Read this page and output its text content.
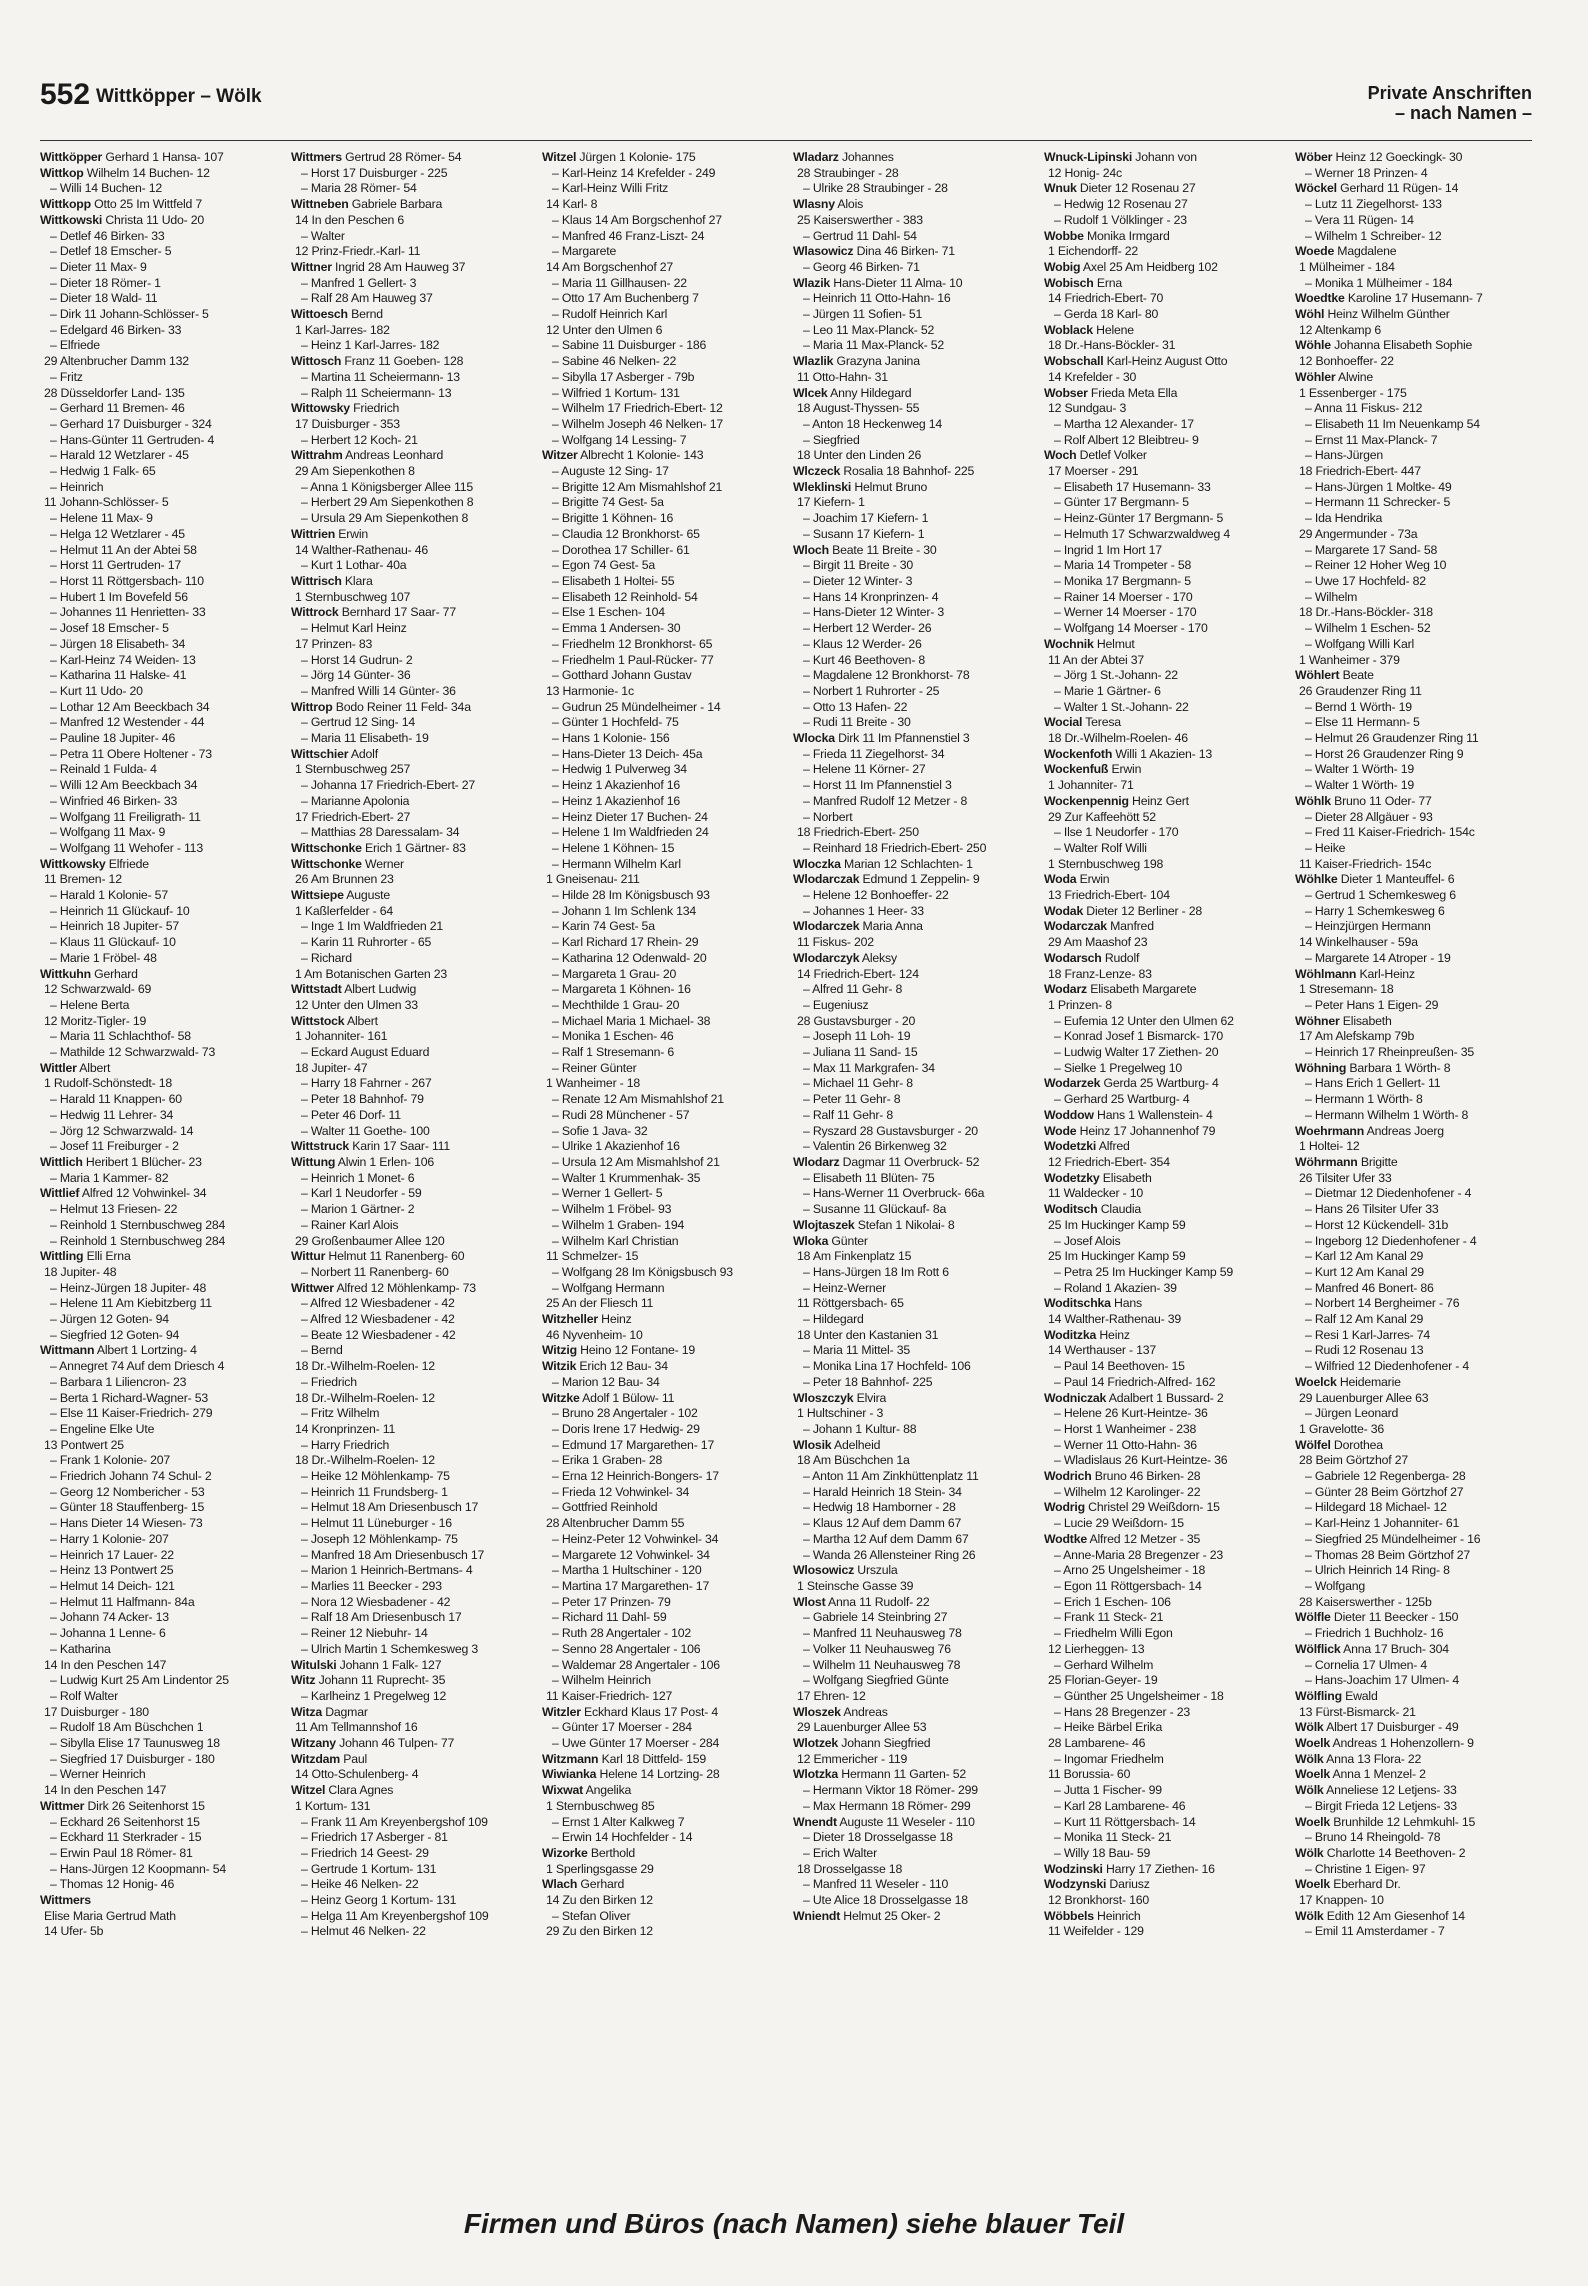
552 Wittköpper – Wölk	Private Anschriften
– nach Namen –
Wittköpper Gerhard 1 Hansa- 107
Wittkop Wilhelm 14 Buchen- 12
– Willi 14 Buchen- 12
Wittkopp Otto 25 Im Wittfeld 7
Wittkowski Christa 11 Udo- 20
– Detlef 46 Birken- 33
– Detlef 18 Emscher- 5
– Dieter 11 Max- 9
– Dieter 18 Römer- 1
– Dieter 18 Wald- 11
– Dirk 11 Johann-Schlösser- 5
– Edelgard 46 Birken- 33
– Elfriede
29 Altenbrucher Damm 132
– Fritz
28 Düsseldorfer Land- 135
– Gerhard 11 Bremen- 46
– Gerhard 17 Duisburger - 324
– Hans-Günter 11 Gertruden- 4
– Harald 12 Wetzlarer - 45
– Hedwig 1 Falk- 65
– Heinrich
11 Johann-Schlösser- 5
– Helene 11 Max- 9
– Helga 12 Wetzlarer - 45
– Helmut 11 An der Abtei 58
– Horst 11 Gertruden- 17
– Horst 11 Röttgersbach- 110
– Hubert 1 Im Bovefeld 56
– Johannes 11 Henrietten- 33
– Josef 18 Emscher- 5
– Jürgen 18 Elisabeth- 34
– Karl-Heinz 74 Weiden- 13
– Katharina 11 Halske- 41
– Kurt 11 Udo- 20
– Lothar 12 Am Beeckbach 34
– Manfred 12 Westender - 44
– Pauline 18 Jupiter- 46
– Petra 11 Obere Holtener - 73
– Reinald 1 Fulda- 4
– Willi 12 Am Beeckbach 34
– Winfried 46 Birken- 33
– Wolfgang 11 Freiligrath- 11
– Wolfgang 11 Max- 9
– Wolfgang 11 Wehofer - 113
Wittkowsky Elfriede
11 Bremen- 12
– Harald 1 Kolonie- 57
– Heinrich 11 Glückauf- 10
– Heinrich 18 Jupiter- 57
– Klaus 11 Glückauf- 10
– Marie 1 Fröbel- 48
Wittkuhn Gerhard
12 Schwarzwald- 69
– Helene Berta
12 Moritz-Tigler- 19
– Maria 11 Schlachthof- 58
– Mathilde 12 Schwarzwald- 73
Wittler Albert
1 Rudolf-Schönstedt- 18
– Harald 11 Knappen- 60
– Hedwig 11 Lehrer- 34
– Jörg 12 Schwarzwald- 14
– Josef 11 Freiburger - 2
Wittlich Heribert 1 Blücher- 23
– Maria 1 Kammer- 82
Wittlief Alfred 12 Vohwinkel- 34
– Helmut 13 Friesen- 22
– Reinhold 1 Sternbuschweg 284
– Reinhold 1 Sternbuschweg 284
Wittling Elli Erna
18 Jupiter- 48
– Heinz-Jürgen 18 Jupiter- 48
– Helene 11 Am Kiebitzberg 11
– Jürgen 12 Goten- 94
– Siegfried 12 Goten- 94
Wittmann Albert 1 Lortzing- 4
– Annegret 74 Auf dem Driesch 4
– Barbara 1 Liliencron- 23
– Berta 1 Richard-Wagner- 53
– Else 11 Kaiser-Friedrich- 279
– Engeline Elke Ute
13 Pontwert 25
– Frank 1 Kolonie- 207
– Friedrich Johann 74 Schul- 2
– Georg 12 Nombericher - 53
– Günter 18 Stauffenberg- 15
– Hans Dieter 14 Wiesen- 73
– Harry 1 Kolonie- 207
– Heinrich 17 Lauer- 22
– Heinz 13 Pontwert 25
– Helmut 14 Deich- 121
– Helmut 11 Halfmann- 84a
– Johann 74 Acker- 13
– Johanna 1 Lenne- 6
– Katharina
14 In den Peschen 147
– Ludwig Kurt 25 Am Lindentor 25
– Rolf Walter
17 Duisburger - 180
– Rudolf 18 Am Büschchen 1
– Sibylla Elise 17 Taunusweg 18
– Siegfried 17 Duisburger - 180
– Werner Heinrich
14 In den Peschen 147
Wittmer Dirk 26 Seitenhorst 15
– Eckhard 26 Seitenhorst 15
– Eckhard 11 Sterkrader - 15
– Erwin Paul 18 Römer- 81
– Hans-Jürgen 12 Koopmann- 54
– Thomas 12 Honig- 46
Wittmers
Elise Maria Gertrud Math
14 Ufer- 5b
Wittmers Gertrud 28 Römer- 54
– Horst 17 Duisburger - 225
– Maria 28 Römer- 54
Wittneben Gabriele Barbara
14 In den Peschen 6
– Walter
12 Prinz-Friedr.-Karl- 11
Wittner Ingrid 28 Am Hauweg 37
– Manfred 1 Gellert- 3
– Ralf 28 Am Hauweg 37
Wittoesch Bernd
1 Karl-Jarres- 182
– Heinz 1 Karl-Jarres- 182
Wittosch Franz 11 Goeben- 128
– Martina 11 Scheiermann- 13
– Ralph 11 Scheiermann- 13
Wittowsky Friedrich
17 Duisburger - 353
– Herbert 12 Koch- 21
Wittrahm Andreas Leonhard
29 Am Siepenkothen 8
– Anna 1 Königsberger Allee 115
– Herbert 29 Am Siepenkothen 8
– Ursula 29 Am Siepenkothen 8
Wittrien Erwin
14 Walther-Rathenau- 46
– Kurt 1 Lothar- 40a
Wittrisch Klara
1 Sternbuschweg 107
Wittrock Bernhard 17 Saar- 77
– Helmut Karl Heinz
17 Prinzen- 83
– Horst 14 Gudrun- 2
– Jörg 14 Günter- 36
– Manfred Willi 14 Günter- 36
Wittrop Bodo Reiner 11 Feld- 34a
– Gertrud 12 Sing- 14
– Maria 11 Elisabeth- 19
Wittschier Adolf
1 Sternbuschweg 257
– Johanna 17 Friedrich-Ebert- 27
– Marianne Apolonia
17 Friedrich-Ebert- 27
– Matthias 28 Daressalam- 34
Wittschonke Erich 1 Gärtner- 83
Wittschonke Werner
26 Am Brunnen 23
Wittsiepe Auguste
1 Kaßlerfelder - 64
– Inge 1 Im Waldfrieden 21
– Karin 11 Ruhrorter - 65
– Richard
1 Am Botanischen Garten 23
Wittstadt Albert Ludwig
12 Unter den Ulmen 33
Wittstock Albert
1 Johanniter- 161
– Eckard August Eduard
18 Jupiter- 47
– Harry 18 Fahrner - 267
– Peter 18 Bahnhof- 79
– Peter 46 Dorf- 11
– Walter 11 Goethe- 100
Wittstruck Karin 17 Saar- 111
Wittung Alwin 1 Erlen- 106
– Heinrich 1 Monet- 6
– Karl 1 Neudorfer - 59
– Marion 1 Gärtner- 2
– Rainer Karl Alois
29 Großenbaumer Allee 120
Wittur Helmut 11 Ranenberg- 60
– Norbert 11 Ranenberg- 60
Wittwer Alfred 12 Möhlenkamp- 73
– Alfred 12 Wiesbadener - 42
– Alfred 12 Wiesbadener - 42
– Beate 12 Wiesbadener - 42
– Bernd
18 Dr.-Wilhelm-Roelen- 12
– Friedrich
18 Dr.-Wilhelm-Roelen- 12
– Fritz Wilhelm
14 Kronprinzen- 11
– Harry Friedrich
18 Dr.-Wilhelm-Roelen- 12
– Heike 12 Möhlenkamp- 75
– Heinrich 11 Frundsberg- 1
– Helmut 18 Am Driesenbusch 17
– Helmut 11 Lüneburger - 16
– Joseph 12 Möhlenkamp- 75
– Manfred 18 Am Driesenbusch 17
– Marion 1 Heinrich-Bertmans- 4
– Marlies 11 Beecker - 293
– Nora 12 Wiesbadener - 42
– Ralf 18 Am Driesenbusch 17
– Reiner 12 Niebuhr- 14
– Ulrich Martin 1 Schemkesweg 3
Witulski Johann 1 Falk- 127
Witz Johann 11 Ruprecht- 35
– Karlheinz 1 Pregelweg 12
Witza Dagmar
11 Am Tellmannshof 16
Witzany Johann 46 Tulpen- 77
Witzdam Paul
14 Otto-Schulenberg- 4
Witzel Clara Agnes
1 Kortum- 131
– Frank 11 Am Kreyenbergshof 109
– Friedrich 17 Asberger - 81
– Friedrich 14 Geest- 29
– Gertrude 1 Kortum- 131
– Heike 46 Nelken- 22
– Heinz Georg 1 Kortum- 131
– Helga 11 Am Kreyenbergshof 109
– Helmut 46 Nelken- 22
Witzel Jürgen 1 Kolonie- 175
– Karl-Heinz 14 Krefelder - 249
– Karl-Heinz Willi Fritz
14 Karl- 8
– Klaus 14 Am Borgschenhof 27
– Manfred 46 Franz-Liszt- 24
– Margarete
14 Am Borgschenhof 27
– Maria 11 Gillhausen- 22
– Otto 17 Am Buchenberg 7
– Rudolf Heinrich Karl
12 Unter den Ulmen 6
– Sabine 11 Duisburger - 186
– Sabine 46 Nelken- 22
– Sibylla 17 Asberger - 79b
– Wilfried 1 Kortum- 131
– Wilhelm 17 Friedrich-Ebert- 12
– Wilhelm Joseph 46 Nelken- 17
– Wolfgang 14 Lessing- 7
Witzer Albrecht 1 Kolonie- 143
– Auguste 12 Sing- 17
– Brigitte 12 Am Mismahlshof 21
– Brigitte 74 Gest- 5a
– Brigitte 1 Köhnen- 16
– Claudia 12 Bronkhorst- 65
– Dorothea 17 Schiller- 61
– Egon 74 Gest- 5a
– Elisabeth 1 Holtei- 55
– Elisabeth 12 Reinhold- 54
– Else 1 Eschen- 104
– Emma 1 Andersen- 30
– Friedhelm 12 Bronkhorst- 65
– Friedhelm 1 Paul-Rücker- 77
– Gotthard Johann Gustav
13 Harmonie- 1c
– Gudrun 25 Mündelheimer - 14
– Günter 1 Hochfeld- 75
– Hans 1 Kolonie- 156
– Hans-Dieter 13 Deich- 45a
– Hedwig 1 Pulverweg 34
– Heinz 1 Akazienhof 16
– Heinz 1 Akazienhof 16
– Heinz Dieter 17 Buchen- 24
– Helene 1 Im Waldfrieden 24
– Helene 1 Köhnen- 15
– Hermann Wilhelm Karl
1 Gneisenau- 211
– Hilde 28 Im Königsbusch 93
– Johann 1 Im Schlenk 134
– Karin 74 Gest- 5a
– Karl Richard 17 Rhein- 29
– Katharina 12 Odenwald- 20
– Margareta 1 Grau- 20
– Margareta 1 Köhnen- 16
– Mechthilde 1 Grau- 20
– Michael Maria 1 Michael- 38
– Monika 1 Eschen- 46
– Ralf 1 Stresemann- 6
– Reiner Günter
1 Wanheimer - 18
– Renate 12 Am Mismahlshof 21
– Rudi 28 Münchener - 57
– Sofie 1 Java- 32
– Ulrike 1 Akazienhof 16
– Ursula 12 Am Mismahlshof 21
– Walter 1 Krummenhak- 35
– Werner 1 Gellert- 5
– Wilhelm 1 Fröbel- 93
– Wilhelm 1 Graben- 194
– Wilhelm Karl Christian
11 Schmelzer- 15
– Wolfgang 28 Im Königsbusch 93
– Wolfgang Hermann
25 An der Fliesch 11
Witzheller Heinz
46 Nyvenheim- 10
Witzig Heino 12 Fontane- 19
Witzik Erich 12 Bau- 34
– Marion 12 Bau- 34
Witzke Adolf 1 Bülow- 11
– Bruno 28 Angertaler - 102
– Doris Irene 17 Hedwig- 29
– Edmund 17 Margarethen- 17
– Erika 1 Graben- 28
– Erna 12 Heinrich-Bongers- 17
– Frieda 12 Vohwinkel- 34
– Gottfried Reinhold
28 Altenbrucher Damm 55
– Heinz-Peter 12 Vohwinkel- 34
– Margarete 12 Vohwinkel- 34
– Martha 1 Hultschiner - 120
– Martina 17 Margarethen- 17
– Peter 17 Prinzen- 79
– Richard 11 Dahl- 59
– Ruth 28 Angertaler - 102
– Senno 28 Angertaler - 106
– Waldemar 28 Angertaler - 106
– Wilhelm Heinrich
11 Kaiser-Friedrich- 127
Witzler Eckhard Klaus 17 Post- 4
– Günter 17 Moerser - 284
– Uwe Günter 17 Moerser - 284
Witzmann Karl 18 Dittfeld- 159
Wiwianka Helene 14 Lortzing- 28
Wixwat Angelika
1 Sternbuschweg 85
– Ernst 1 Alter Kalkweg 7
– Erwin 14 Hochfelder - 14
Wizorke Berthold
1 Sperlingsgasse 29
Wlach Gerhard
14 Zu den Birken 12
– Stefan Oliver
29 Zu den Birken 12
Wladarz Johannes
28 Straubinger - 28
– Ulrike 28 Straubinger - 28
Wlasny Alois
25 Kaiserswerther - 383
– Gertrud 11 Dahl- 54
Wlasowicz Dina 46 Birken- 71
– Georg 46 Birken- 71
Wlazik Hans-Dieter 11 Alma- 10
– Heinrich 11 Otto-Hahn- 16
– Jürgen 11 Sofien- 51
– Leo 11 Max-Planck- 52
– Maria 11 Max-Planck- 52
Wlazlik Grazyna Janina
11 Otto-Hahn- 31
Wlcek Anny Hildegard
18 August-Thyssen- 55
– Anton 18 Heckenweg 14
– Siegfried
18 Unter den Linden 26
Wlczeck Rosalia 18 Bahnhof- 225
Wleklinski Helmut Bruno
17 Kiefern- 1
– Joachim 17 Kiefern- 1
– Susann 17 Kiefern- 1
Wloch Beate 11 Breite - 30
– Birgit 11 Breite - 30
– Dieter 12 Winter- 3
– Hans 14 Kronprinzen- 4
– Hans-Dieter 12 Winter- 3
– Herbert 12 Werder- 26
– Klaus 12 Werder- 26
– Kurt 46 Beethoven- 8
– Magdalene 12 Bronkhorst- 78
– Norbert 1 Ruhrorter - 25
– Otto 13 Hafen- 22
– Rudi 11 Breite - 30
Wlocka Dirk 11 Im Pfannenstiel 3
– Frieda 11 Ziegelhorst- 34
– Helene 11 Körner- 27
– Horst 11 Im Pfannenstiel 3
– Manfred Rudolf 12 Metzer - 8
– Norbert
18 Friedrich-Ebert- 250
– Reinhard 18 Friedrich-Ebert- 250
Wloczka Marian 12 Schlachten- 1
Wlodarczak Edmund 1 Zeppelin- 9
– Helene 12 Bonhoeffer- 22
– Johannes 1 Heer- 33
Wlodarczek Maria Anna
11 Fiskus- 202
Wlodarczyk Aleksy
14 Friedrich-Ebert- 124
– Alfred 11 Gehr- 8
– Eugeniusz
28 Gustavsburger - 20
– Joseph 11 Loh- 19
– Juliana 11 Sand- 15
– Max 11 Markgrafen- 34
– Michael 11 Gehr- 8
– Peter 11 Gehr- 8
– Ralf 11 Gehr- 8
– Ryszard 28 Gustavsburger - 20
– Valentin 26 Birkenweg 32
Wlodarz Dagmar 11 Overbruck- 52
– Elisabeth 11 Blüten- 75
– Hans-Werner 11 Overbruck- 66a
– Susanne 11 Glückauf- 8a
Wlojtaszek Stefan 1 Nikolai- 8
Wloka Günter
18 Am Finkenplatz 15
– Hans-Jürgen 18 Im Rott 6
– Heinz-Werner
11 Röttgersbach- 65
– Hildegard
18 Unter den Kastanien 31
– Maria 11 Mittel- 35
– Monika Lina 17 Hochfeld- 106
– Peter 18 Bahnhof- 225
Wloszczyk Elvira
1 Hultschiner - 3
– Johann 1 Kultur- 88
Wlosik Adelheid
18 Am Büschchen 1a
– Anton 11 Am Zinkhüttenplatz 11
– Harald Heinrich 18 Stein- 34
– Hedwig 18 Hamborner - 28
– Klaus 12 Auf dem Damm 67
– Martha 12 Auf dem Damm 67
– Wanda 26 Allensteiner Ring 26
Wlosowicz Urszula
1 Steinsche Gasse 39
Wlost Anna 11 Rudolf- 22
– Gabriele 14 Steinbring 27
– Manfred 11 Neuhausweg 78
– Volker 11 Neuhausweg 76
– Wilhelm 11 Neuhausweg 78
– Wolfgang Siegfried Günte
17 Ehren- 12
Wloszek Andreas
29 Lauenburger Allee 53
Wlotzek Johann Siegfried
12 Emmericher - 119
Wlotzka Hermann 11 Garten- 52
– Hermann Viktor 18 Römer- 299
– Max Hermann 18 Römer- 299
Wnendt Auguste 11 Weseler - 110
– Dieter 18 Drosselgasse 18
– Erich Walter
18 Drosselgasse 18
– Manfred 11 Weseler - 110
– Ute Alice 18 Drosselgasse 18
Wniendt Helmut 25 Oker- 2
Wnuck-Lipinski Johann von
12 Honig- 24c
Wnuk Dieter 12 Rosenau 27
– Hedwig 12 Rosenau 27
– Rudolf 1 Völklinger - 23
Wobbe Monika Irmgard
1 Eichendorff- 22
Wobig Axel 25 Am Heidberg 102
Wobisch Erna
14 Friedrich-Ebert- 70
– Gerda 18 Karl- 80
Woblack Helene
18 Dr.-Hans-Böckler- 31
Wobschall Karl-Heinz August Otto
14 Krefelder - 30
Wobser Frieda Meta Ella
12 Sundgau- 3
– Martha 12 Alexander- 17
– Rolf Albert 12 Bleibtreu- 9
Woch Detlef Volker
17 Moerser - 291
– Elisabeth 17 Husemann- 33
– Günter 17 Bergmann- 5
– Heinz-Günter 17 Bergmann- 5
– Helmuth 17 Schwarzwaldweg 4
– Ingrid 1 Im Hort 17
– Maria 14 Trompeter - 58
– Monika 17 Bergmann- 5
– Rainer 14 Moerser - 170
– Werner 14 Moerser - 170
– Wolfgang 14 Moerser - 170
Wochnik Helmut
11 An der Abtei 37
– Jörg 1 St.-Johann- 22
– Marie 1 Gärtner- 6
– Walter 1 St.-Johann- 22
Wocial Teresa
18 Dr.-Wilhelm-Roelen- 46
Wockenfoth Willi 1 Akazien- 13
Wockenfuß Erwin
1 Johanniter- 71
Wockenpennig Heinz Gert
29 Zur Kaffeehött 52
– Ilse 1 Neudorfer - 170
– Walter Rolf Willi
1 Sternbuschweg 198
Woda Erwin
13 Friedrich-Ebert- 104
Wodak Dieter 12 Berliner - 28
Wodarczak Manfred
29 Am Maashof 23
Wodarsch Rudolf
18 Franz-Lenze- 83
Wodarz Elisabeth Margarete
1 Prinzen- 8
– Eufemia 12 Unter den Ulmen 62
– Konrad Josef 1 Bismarck- 170
– Ludwig Walter 17 Ziethen- 20
– Sielke 1 Pregelweg 10
Wodarzek Gerda 25 Wartburg- 4
– Gerhard 25 Wartburg- 4
Woddow Hans 1 Wallenstein- 4
Wode Heinz 17 Johannenhof 79
Wodetzki Alfred
12 Friedrich-Ebert- 354
Wodetzky Elisabeth
11 Waldecker - 10
Woditsch Claudia
25 Im Huckinger Kamp 59
– Josef Alois
25 Im Huckinger Kamp 59
– Petra 25 Im Huckinger Kamp 59
– Roland 1 Akazien- 39
Woditschka Hans
14 Walther-Rathenau- 39
Woditzka Heinz
14 Werthauser - 137
– Paul 14 Beethoven- 15
– Paul 14 Friedrich-Alfred- 162
Wodniczak Adalbert 1 Bussard- 2
– Helene 26 Kurt-Heintze- 36
– Horst 1 Wanheimer - 238
– Werner 11 Otto-Hahn- 36
– Wladislaus 26 Kurt-Heintze- 36
Wodrich Bruno 46 Birken- 28
– Wilhelm 12 Karolinger- 22
Wodrig Christel 29 Weißdorn- 15
– Lucie 29 Weißdorn- 15
Wodtke Alfred 12 Metzer - 35
– Anne-Maria 28 Bregenzer - 23
– Arno 25 Ungelsheimer - 18
– Egon 11 Röttgersbach- 14
– Erich 1 Eschen- 106
– Frank 11 Steck- 21
– Friedhelm Willi Egon
12 Lierheggen- 13
– Gerhard Wilhelm
25 Florian-Geyer- 19
– Günther 25 Ungelsheimer - 18
– Hans 28 Bregenzer - 23
– Heike Bärbel Erika
28 Lambarene- 46
– Ingomar Friedhelm
11 Borussia- 60
– Jutta 1 Fischer- 99
– Karl 28 Lambarene- 46
– Kurt 11 Röttgersbach- 14
– Monika 11 Steck- 21
– Willy 18 Bau- 59
Wodzinski Harry 17 Ziethen- 16
Wodzynski Dariusz
12 Bronkhorst- 160
Wöbbels Heinrich
11 Weifelder - 129
Wöber Heinz 12 Goeckingk- 30
– Werner 18 Prinzen- 4
Wöckel Gerhard 11 Rügen- 14
– Lutz 11 Ziegelhorst- 133
– Vera 11 Rügen- 14
– Wilhelm 1 Schreiber- 12
Woede Magdalene
1 Mülheimer - 184
– Monika 1 Mülheimer - 184
Woedtke Karoline 17 Husemann- 7
Wöhl Heinz Wilhelm Günther
12 Altenkamp 6
Wöhle Johanna Elisabeth Sophie
12 Bonhoeffer- 22
Wöhler Alwine
1 Essenberger - 175
– Anna 11 Fiskus- 212
– Elisabeth 11 Im Neuenkamp 54
– Ernst 11 Max-Planck- 7
– Hans-Jürgen
18 Friedrich-Ebert- 447
– Hans-Jürgen 1 Moltke- 49
– Hermann 11 Schrecker- 5
– Ida Hendrika
29 Angermunder - 73a
– Margarete 17 Sand- 58
– Reiner 12 Hoher Weg 10
– Uwe 17 Hochfeld- 82
– Wilhelm
18 Dr.-Hans-Böckler- 318
– Wilhelm 1 Eschen- 52
– Wolfgang Willi Karl
1 Wanheimer - 379
Wöhlert Beate
26 Graudenzer Ring 11
– Bernd 1 Wörth- 19
– Else 11 Hermann- 5
– Helmut 26 Graudenzer Ring 11
– Horst 26 Graudenzer Ring 9
– Walter 1 Wörth- 19
– Walter 1 Wörth- 19
Wöhlk Bruno 11 Oder- 77
– Dieter 28 Allgäuer - 93
– Fred 11 Kaiser-Friedrich- 154c
– Heike
11 Kaiser-Friedrich- 154c
Wöhlke Dieter 1 Manteuffel- 6
– Gertrud 1 Schemkesweg 6
– Harry 1 Schemkesweg 6
– Heinzjürgen Hermann
14 Winkelhauser - 59a
– Margarete 14 Atroper - 19
Wöhlmann Karl-Heinz
1 Stresemann- 18
– Peter Hans 1 Eigen- 29
Wöhner Elisabeth
17 Am Alefskamp 79b
– Heinrich 17 Rheinpreußen- 35
Wöhning Barbara 1 Wörth- 8
– Hans Erich 1 Gellert- 11
– Hermann 1 Wörth- 8
– Hermann Wilhelm 1 Wörth- 8
Woehrmann Andreas Joerg
1 Holtei- 12
Wöhrmann Brigitte
26 Tilsiter Ufer 33
– Dietmar 12 Diedenhofener - 4
– Hans 26 Tilsiter Ufer 33
– Horst 12 Kückendell- 31b
– Ingeborg 12 Diedenhofener - 4
– Karl 12 Am Kanal 29
– Kurt 12 Am Kanal 29
– Manfred 46 Bonert- 86
– Norbert 14 Bergheimer - 76
– Ralf 12 Am Kanal 29
– Resi 1 Karl-Jarres- 74
– Rudi 12 Rosenau 13
– Wilfried 12 Diedenhofener - 4
Woelck Heidemarie
29 Lauenburger Allee 63
– Jürgen Leonard
1 Gravelotte- 36
Wölfel Dorothea
28 Beim Görtzhof 27
– Gabriele 12 Regenberga- 28
– Günter 28 Beim Görtzhof 27
– Hildegard 18 Michael- 12
– Karl-Heinz 1 Johanniter- 61
– Siegfried 25 Mündelheimer - 16
– Thomas 28 Beim Görtzhof 27
– Ulrich Heinrich 14 Ring- 8
– Wolfgang
28 Kaiserswerther - 125b
Wölfle Dieter 11 Beecker - 150
– Friedrich 1 Buchholz- 16
Wölflick Anna 17 Bruch- 304
– Cornelia 17 Ulmen- 4
– Hans-Joachim 17 Ulmen- 4
Wölfling Ewald
13 Fürst-Bismarck- 21
Wölk Albert 17 Duisburger - 49
Woelk Andreas 1 Hohenzollern- 9
Wölk Anna 13 Flora- 22
Woelk Anna 1 Menzel- 2
Wölk Anneliese 12 Letjens- 33
– Birgit Frieda 12 Letjens- 33
Woelk Brunhilde 12 Lehmkuhl- 15
– Bruno 14 Rheingold- 78
Wölk Charlotte 14 Beethoven- 2
– Christine 1 Eigen- 97
Woelk Eberhard Dr.
17 Knappen- 10
Wölk Edith 12 Am Giesenhof 14
– Emil 11 Amsterdamer - 7
Firmen und Büros (nach Namen) siehe blauer Teil
